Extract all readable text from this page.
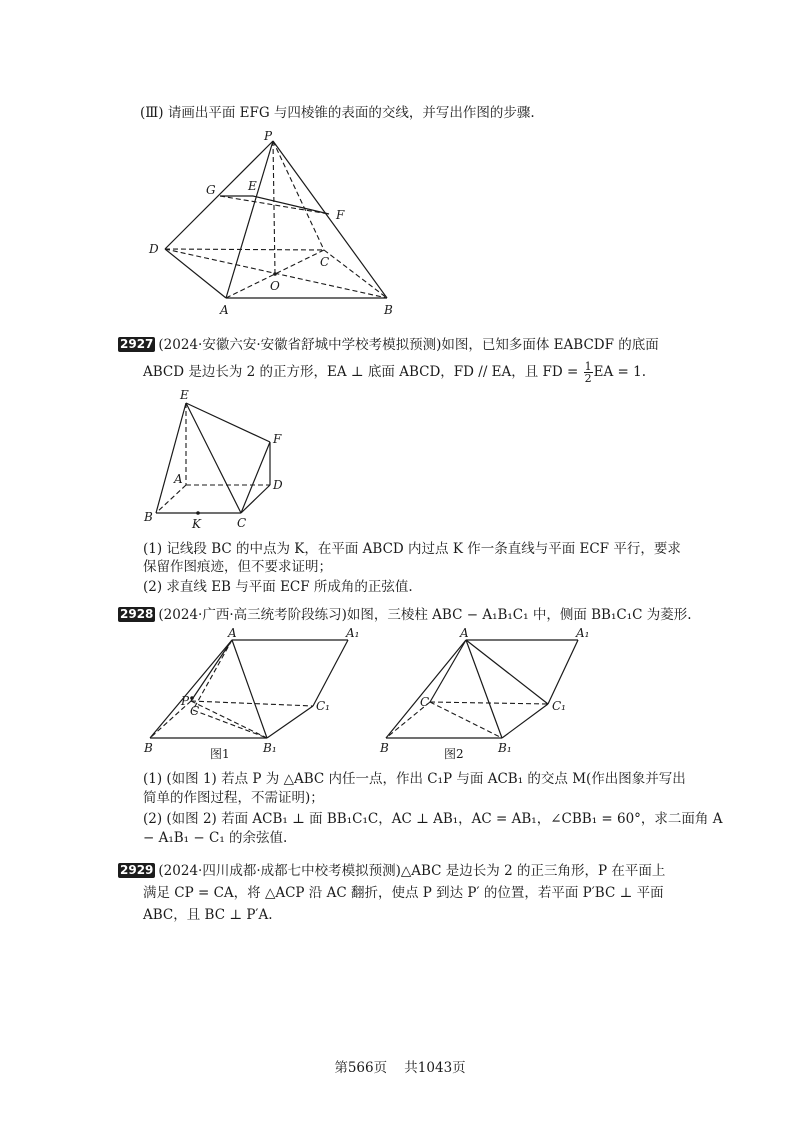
(Ⅲ) 请画出平面 EFG 与四棱锥的表面的交线，并写出作图的步骤.
P
G	E
F
D
C
O
A	B
2927 (2024·安徽六安·安徽省舒城中学校考模拟预测)如图，已知多面体 EABCDF 的底面
ABCD 是边长为 2 的正方形，EA ⊥ 底面 ABCD，FD // EA，且 FD = $\frac{1}{2}$ EA = 1.
E
F
A	D
B	K	C
(1) 记线段 BC 的中点为 K，在平面 ABCD 内过点 K 作一条直线与平面 ECF 平行，要求
保留作图痕迹，但不要求证明；
(2) 求直线 EB 与平面 ECF 所成角的正弦值.
2928 (2024·广西·高三统考阶段练习)如图，三棱柱 ABC − A₁B₁C₁ 中，侧面 BB₁C₁C 为菱形.
A	A₁
P
C	C₁
B	B₁
图1
A	A₁
C	C₁
B	B₁
图2
(1) (如图 1) 若点 P 为 △ABC 内任一点，作出 C₁P 与面 ACB₁ 的交点 M(作出图象并写出
简单的作图过程，不需证明)；
(2) (如图 2) 若面 ACB₁ ⊥ 面 BB₁C₁C，AC ⊥ AB₁，AC = AB₁，∠CBB₁ = 60°，求二面角 A
− A₁B₁ − C₁ 的余弦值.
2929 (2024·四川成都·成都七中校考模拟预测)△ABC 是边长为 2 的正三角形，P 在平面上
满足 CP = CA，将 △ACP 沿 AC 翻折，使点 P 到达 P′ 的位置，若平面 P′BC ⊥ 平面
ABC，且 BC ⊥ P′A.
第566页 共1043页
